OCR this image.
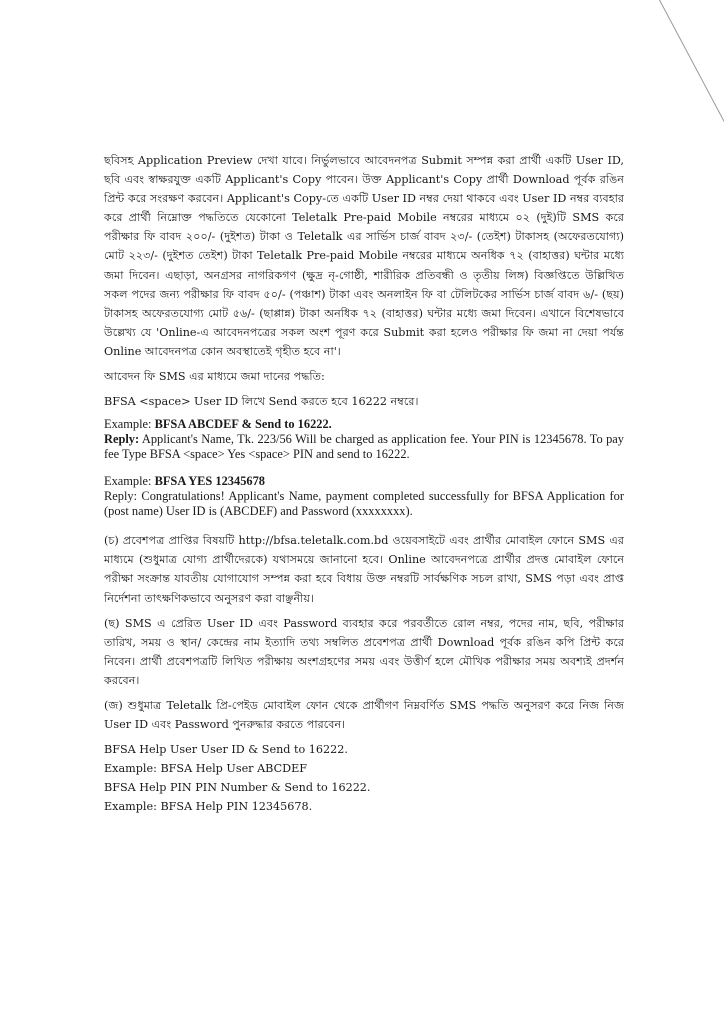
ছবিসহ Application Preview দেখা যাবে। নির্ভুলভাবে আবেদনপত্র Submit সম্পন্ন করা প্রার্থী একটি User ID, ছবি এবং স্বাক্ষরযুক্ত একটি Applicant's Copy পাবেন। উক্ত Applicant's Copy প্রার্থী Download পূর্বক রঙিন প্রিন্ট করে সংরক্ষণ করবেন। Applicant's Copy-তে একটি User ID নম্বর দেয়া থাকবে এবং User ID নম্বর ব্যবহার করে প্রার্থী নিম্নোক্ত পদ্ধতিতে যেকোনো Teletalk Pre-paid Mobile নম্বরের মাধ্যমে ০২ (দুই)টি SMS করে পরীক্ষার ফি বাবদ ২০০/- (দুইশত) টাকা ও Teletalk এর সার্ভিস চার্জ বাবদ ২৩/- (তেইশ) টাকাসহ (অফেরতযোগ্য) মোট ২২৩/- (দুইশত তেইশ) টাকা Teletalk Pre-paid Mobile নম্বরের মাধ্যমে অনধিক ৭২ (বাহাত্তর) ঘন্টার মধ্যে জমা দিবেন। এছাড়া, অনগ্রসর নাগরিকগণ (ক্ষুদ্র নৃ-গোষ্ঠী, শারীরিক প্রতিবন্ধী ও তৃতীয় লিঙ্গ) বিজ্ঞপ্তিতে উল্লিখিত সকল পদের জন্য পরীক্ষার ফি বাবদ ৫০/- (পঞ্চাশ) টাকা এবং অনলাইন ফি বা টেলিটকের সার্ভিস চার্জ বাবদ ৬/- (ছয়) টাকাসহ অফেরতযোগ্য মোট ৫৬/- (ছাপ্পান্ন) টাকা অনধিক ৭২ (বাহাত্তর) ঘন্টার মধ্যে জমা দিবেন। এখানে বিশেষভাবে উল্লেখ্য যে 'Online-এ আবেদনপত্রের সকল অংশ পূরণ করে Submit করা হলেও পরীক্ষার ফি জমা না দেয়া পর্যন্ত Online আবেদনপত্র কোন অবস্থাতেই গৃহীত হবে না'।

আবেদন ফি SMS এর মাধ্যমে জমা দানের পদ্ধতি:

BFSA <space> User ID লিখে Send করতে হবে 16222 নম্বরে।

Example: BFSA ABCDEF & Send to 16222.
Reply: Applicant's Name, Tk. 223/56 Will be charged as application fee. Your PIN is 12345678. To pay fee Type BFSA <space> Yes <space> PIN and send to 16222.
Example: BFSA YES 12345678
Reply: Congratulations! Applicant's Name, payment completed successfully for BFSA Application for (post name) User ID is (ABCDEF) and Password (xxxxxxxx).

(চ) প্রবেশপত্র প্রাপ্তির বিষয়টি http://bfsa.teletalk.com.bd ওয়েবসাইটে এবং প্রার্থীর মোবাইল ফোনে SMS এর মাধ্যমে (শুধুমাত্র যোগ্য প্রার্থীদেরকে) যথাসময়ে জানানো হবে। Online আবেদনপত্রে প্রার্থীর প্রদত্ত মোবাইল ফোনে পরীক্ষা সংক্রান্ত যাবতীয় যোগাযোগ সম্পন্ন করা হবে বিধায় উক্ত নম্বরটি সার্বক্ষণিক সচল রাখা, SMS পড়া এবং প্রাপ্ত নির্দেশনা তাৎক্ষণিকভাবে অনুসরণ করা বাঞ্ছনীয়।

(ছ) SMS এ প্রেরিত User ID এবং Password ব্যবহার করে পরবর্তীতে রোল নম্বর, পদের নাম, ছবি, পরীক্ষার তারিখ, সময় ও স্থান/ কেন্দ্রের নাম ইত্যাদি তথ্য সম্বলিত প্রবেশপত্র প্রার্থী Download পূর্বক রঙিন কপি প্রিন্ট করে নিবেন। প্রার্থী প্রবেশপত্রটি লিখিত পরীক্ষায় অংশগ্রহণের সময় এবং উত্তীর্ণ হলে মৌখিক পরীক্ষার সময় অবশ্যই প্রদর্শন করবেন।

(জ) শুধুমাত্র Teletalk প্রি-পেইড মোবাইল ফোন থেকে প্রার্থীগণ নিম্নবর্ণিত SMS পদ্ধতি অনুসরণ করে নিজ নিজ User ID এবং Password পুনরুদ্ধার করতে পারবেন।

BFSA Help User User ID & Send to 16222.
Example: BFSA Help User ABCDEF
BFSA Help PIN PIN Number & Send to 16222.
Example: BFSA Help PIN 12345678.
